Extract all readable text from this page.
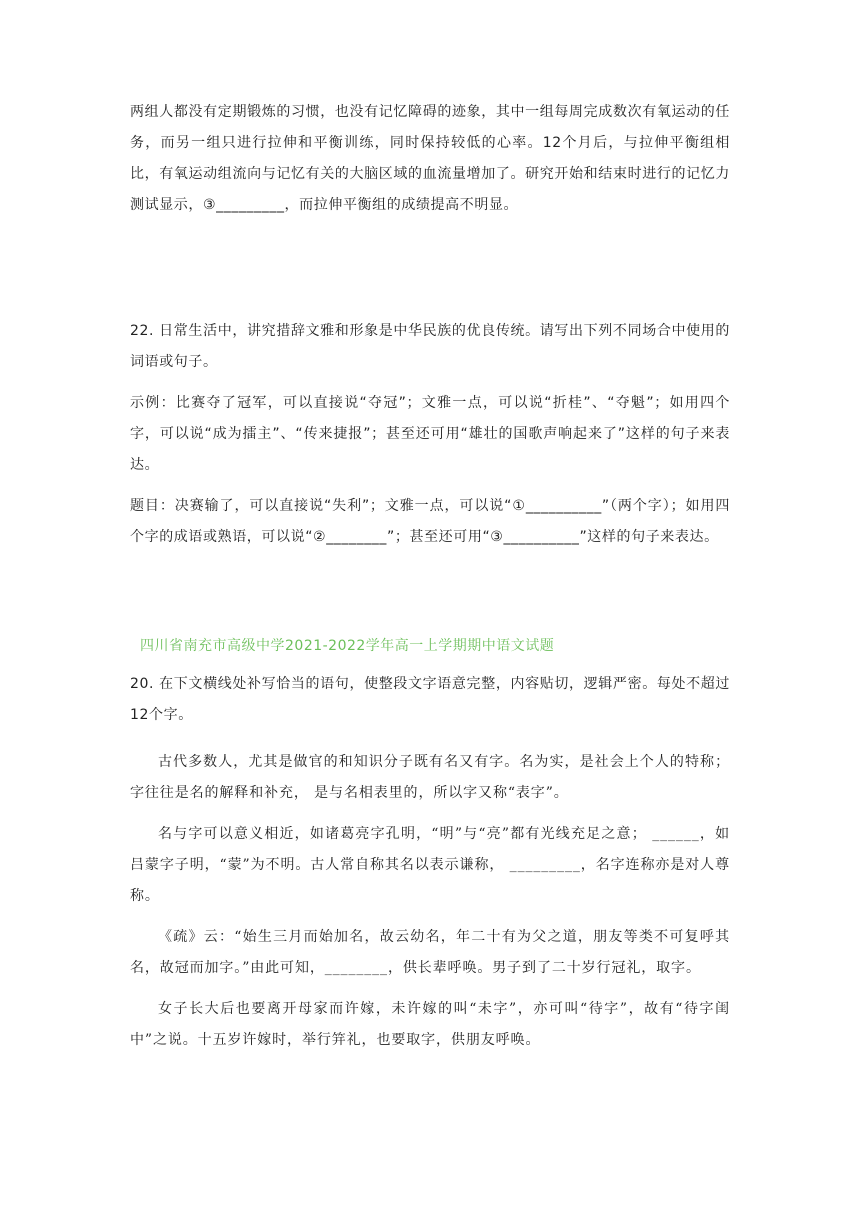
两组人都没有定期锻炼的习惯，也没有记忆障碍的迹象，其中一组每周完成数次有氧运动的任务，而另一组只进行拉伸和平衡训练，同时保持较低的心率。12个月后，与拉伸平衡组相比，有氧运动组流向与记忆有关的大脑区域的血流量增加了。研究开始和结束时进行的记忆力测试显示，③_________，而拉伸平衡组的成绩提高不明显。

22. 日常生活中，讲究措辞文雅和形象是中华民族的优良传统。请写出下列不同场合中使用的词语或句子。

示例：比赛夺了冠军，可以直接说“夺冠”；文雅一点，可以说“折桂”、“夺魁”；如用四个字，可以说“成为擂主”、“传来捷报”；甚至还可用“雄壮的国歌声响起来了”这样的句子来表达。

题目：决赛输了，可以直接说“失利”；文雅一点，可以说“①__________”（两个字）；如用四个字的成语或熟语，可以说“②________”；甚至还可用“③__________”这样的句子来表达。

四川省南充市高级中学2021-2022学年高一上学期期中语文试题

20. 在下文横线处补写恰当的语句，使整段文字语意完整，内容贴切，逻辑严密。每处不超过12个字。

古代多数人，尤其是做官的和知识分子既有名又有字。名为实，是社会上个人的特称；字往往是名的解释和补充， 是与名相表里的，所以字又称“表字”。

名与字可以意义相近，如诸葛亮字孔明，“明”与“亮”都有光线充足之意； ______，如吕蒙字子明，“蒙”为不明。古人常自称其名以表示谦称， _________，名字连称亦是对人尊称。

《疏》云：“始生三月而始加名，故云幼名，年二十有为父之道，朋友等类不可复呼其名，故冠而加字。”由此可知，________，供长辈呼唤。男子到了二十岁行冠礼，取字。

女子长大后也要离开母家而许嫁，未许嫁的叫“未字”，亦可叫“待字”，故有“待字闺中”之说。十五岁许嫁时，举行笄礼，也要取字，供朋友呼唤。
